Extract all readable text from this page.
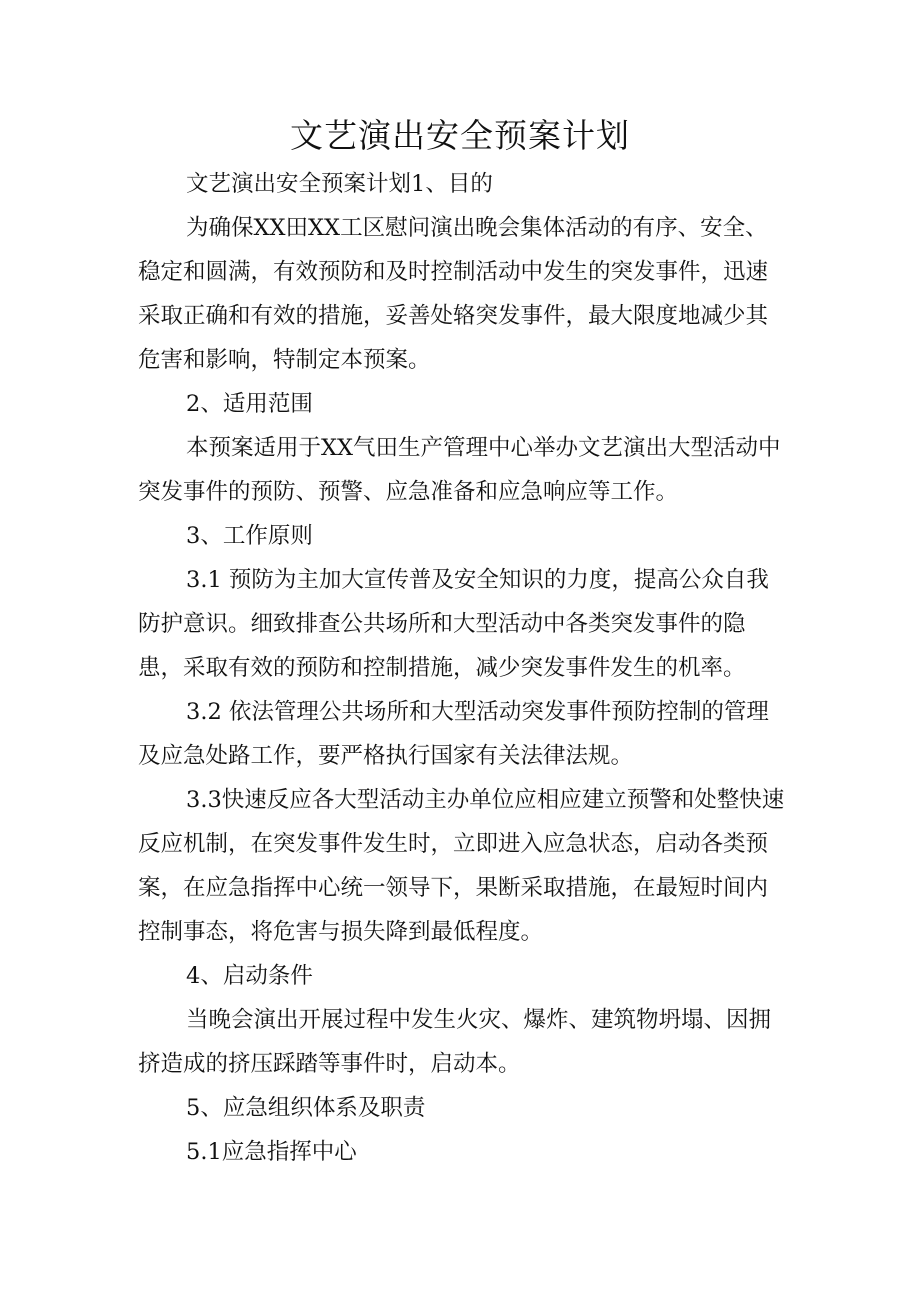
文艺演出安全预案计划

文艺演出安全预案计划1、目的

为确保XX田XX工区慰问演出晚会集体活动的有序、安全、稳定和圆满，有效预防和及时控制活动中发生的突发事件，迅速采取正确和有效的措施，妥善处辂突发事件，最大限度地减少其危害和影响，特制定本预案。

2、适用范围

本预案适用于XX气田生产管理中心举办文艺演出大型活动中突发事件的预防、预警、应急准备和应急响应等工作。

3、工作原则

3.1 预防为主加大宣传普及安全知识的力度，提高公众自我防护意识。细致排查公共场所和大型活动中各类突发事件的隐患，采取有效的预防和控制措施，减少突发事件发生的机率。

3.2 依法管理公共场所和大型活动突发事件预防控制的管理及应急处路工作，要严格执行国家有关法律法规。

3.3快速反应各大型活动主办单位应相应建立预警和处整快速反应机制，在突发事件发生时，立即进入应急状态，启动各类预案，在应急指挥中心统一领导下，果断采取措施，在最短时间内控制事态，将危害与损失降到最低程度。

4、启动条件

当晚会演出开展过程中发生火灾、爆炸、建筑物坍塌、因拥挤造成的挤压踩踏等事件时，启动本。

5、应急组织体系及职责

5.1应急指挥中心
